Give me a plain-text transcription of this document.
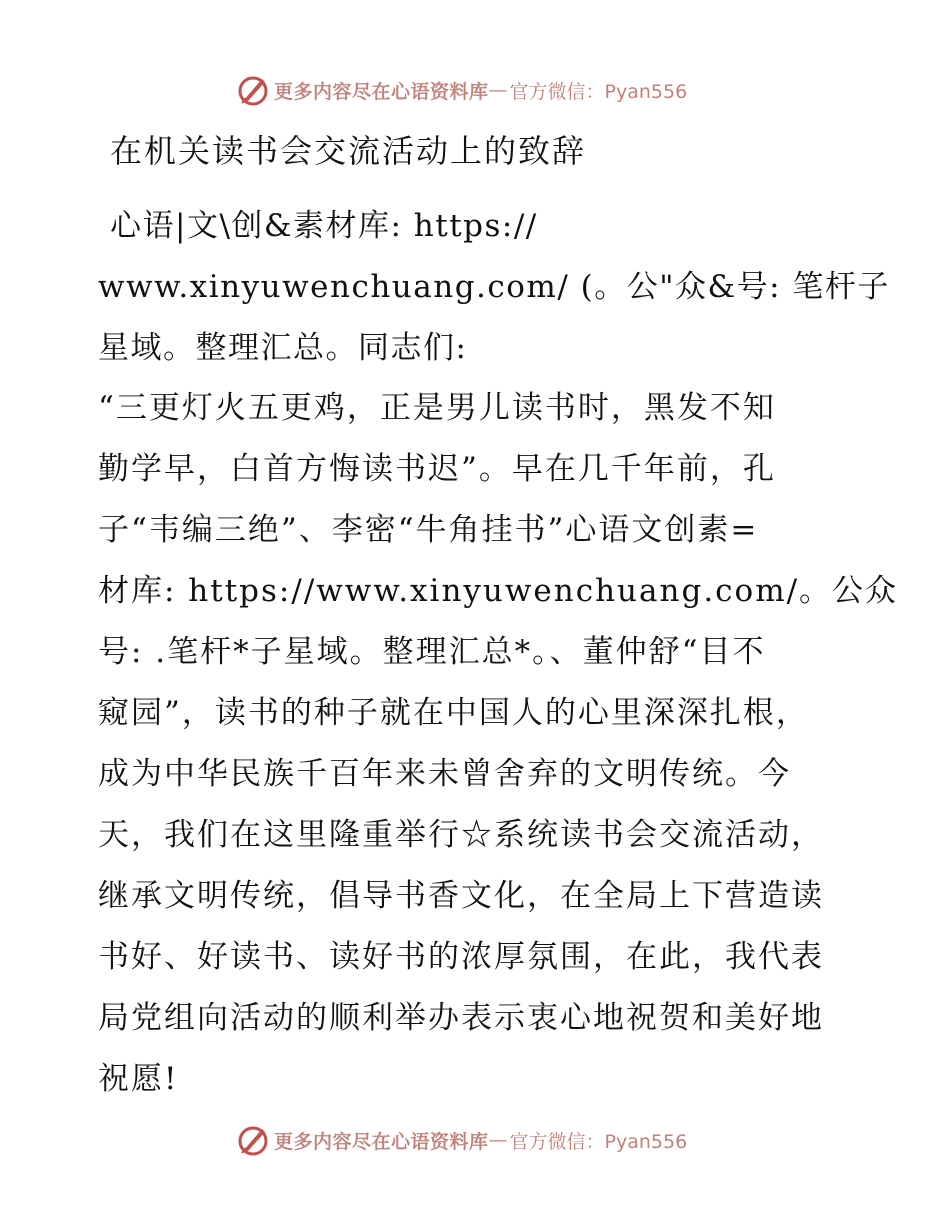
更多内容尽在心语资料库 — 官方微信：Pyan556
在机关读书会交流活动上的致辞
心语|文\创&素材库: https://
www.xinyuwenchuang.com/ (。公"众&号: 笔杆子
星域。整理汇总。同志们:
“三更灯火五更鸡，正是男儿读书时，黑发不知
勤学早，白首方悔读书迟”。早在几千年前，孔
子“韦编三绝”、李密“牛角挂书”心语文创素=
材库: https://www.xinyuwenchuang.com/。公众
号: .笔杆*子星域。整理汇总*。、董仲舒“目不
窥园”，读书的种子就在中国人的心里深深扎根，
成为中华民族千百年来未曾舍弃的文明传统。今
天，我们在这里隆重举行☆系统读书会交流活动，
继承文明传统，倡导书香文化，在全局上下营造读
书好、好读书、读好书的浓厚氛围，在此，我代表
局党组向活动的顺利举办表示衷心地祝贺和美好地
祝愿!
更多内容尽在心语资料库 — 官方微信：Pyan556
